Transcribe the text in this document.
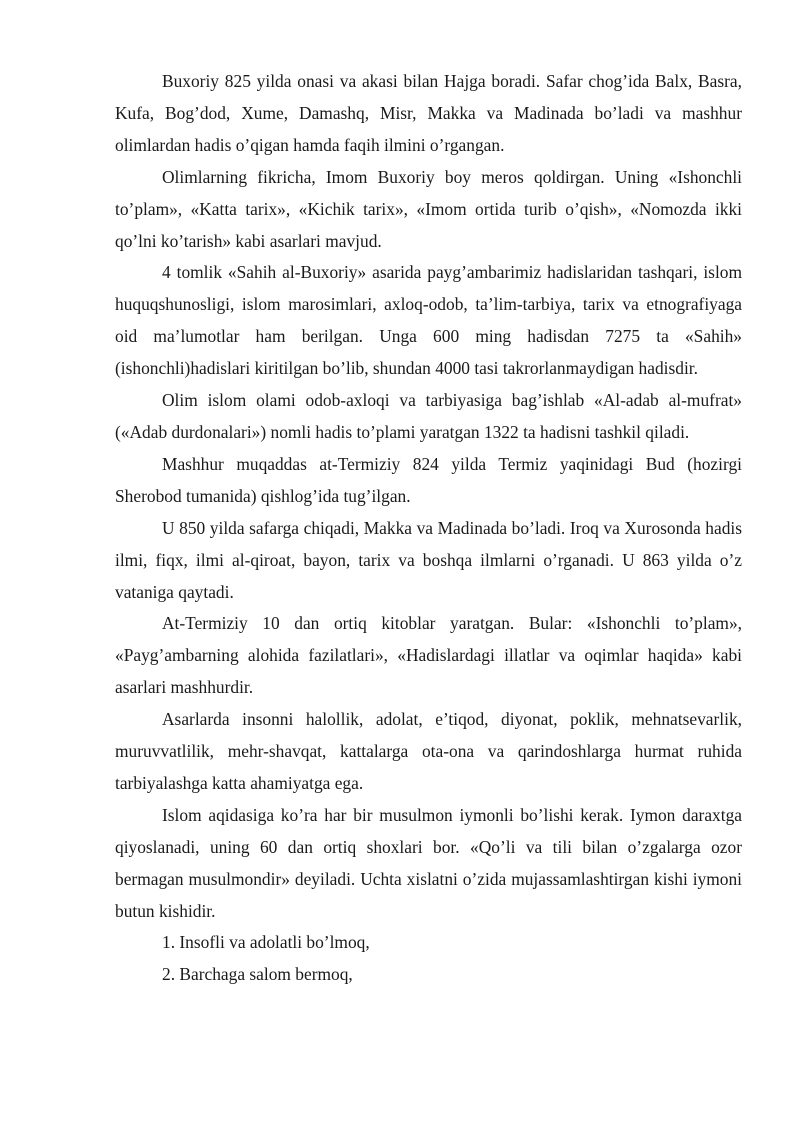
Buxoriy 825 yilda onasi va akasi bilan Hajga boradi. Safar chog’ida Balx, Basra, Kufa, Bog’dod, Xume, Damashq, Misr, Makka va Madinada bo’ladi va mashhur olimlardan hadis o’qigan hamda faqih ilmini o’rgangan.

Olimlarning fikricha, Imom Buxoriy boy meros qoldirgan. Uning «Ishonchli to’plam», «Katta tarix», «Kichik tarix», «Imom ortida turib o’qish», «Nomozda ikki qo’lni ko’tarish» kabi asarlari mavjud.

4 tomlik «Sahih al-Buxoriy» asarida payg’ambarimiz hadislaridan tashqari, islom huquqshunosligi, islom marosimlari, axloq-odob, ta’lim-tarbiya, tarix va etnografiyaga oid ma’lumotlar ham berilgan. Unga 600 ming hadisdan 7275 ta «Sahih» (ishonchli)hadislari kiritilgan bo’lib, shundan 4000 tasi takrorlanmaydigan hadisdir.

Olim islom olami odob-axloqi va tarbiyasiga bag’ishlab «Al-adab al-mufrat» («Adab durdonalari») nomli hadis to’plami yaratgan 1322 ta hadisni tashkil qiladi.

Mashhur muqaddas at-Termiziy 824 yilda Termiz yaqinidagi Bud (hozirgi Sherobod tumanida) qishlog’ida tug’ilgan.

U 850 yilda safarga chiqadi, Makka va Madinada bo’ladi. Iroq va Xurosonda hadis ilmi, fiqx, ilmi al-qiroat, bayon, tarix va boshqa ilmlarni o’rganadi. U 863 yilda o’z vataniga qaytadi.

At-Termiziy 10 dan ortiq kitoblar yaratgan. Bular: «Ishonchli to’plam», «Payg’ambarning alohida fazilatlari», «Hadislardagi illatlar va oqimlar haqida» kabi asarlari mashhurdir.

Asarlarda insonni halollik, adolat, e’tiqod, diyonat, poklik, mehnatsevarlik, muruvvatlilik, mehr-shavqat, kattalarga ota-ona va qarindoshlarga hurmat ruhida tarbiyalashga katta ahamiyatga ega.

Islom aqidasiga ko’ra har bir musulmon iymonli bo’lishi kerak. Iymon daraxtga qiyoslanadi, uning 60 dan ortiq shoxlari bor. «Qo’li va tili bilan o’zgalarga ozor bermagan musulmondir» deyiladi. Uchta xislatni o’zida mujassamlashtirgan kishi iymoni butun kishidir.

1. Insofli va adolatli bo’lmoq,

2. Barchaga salom bermoq,
